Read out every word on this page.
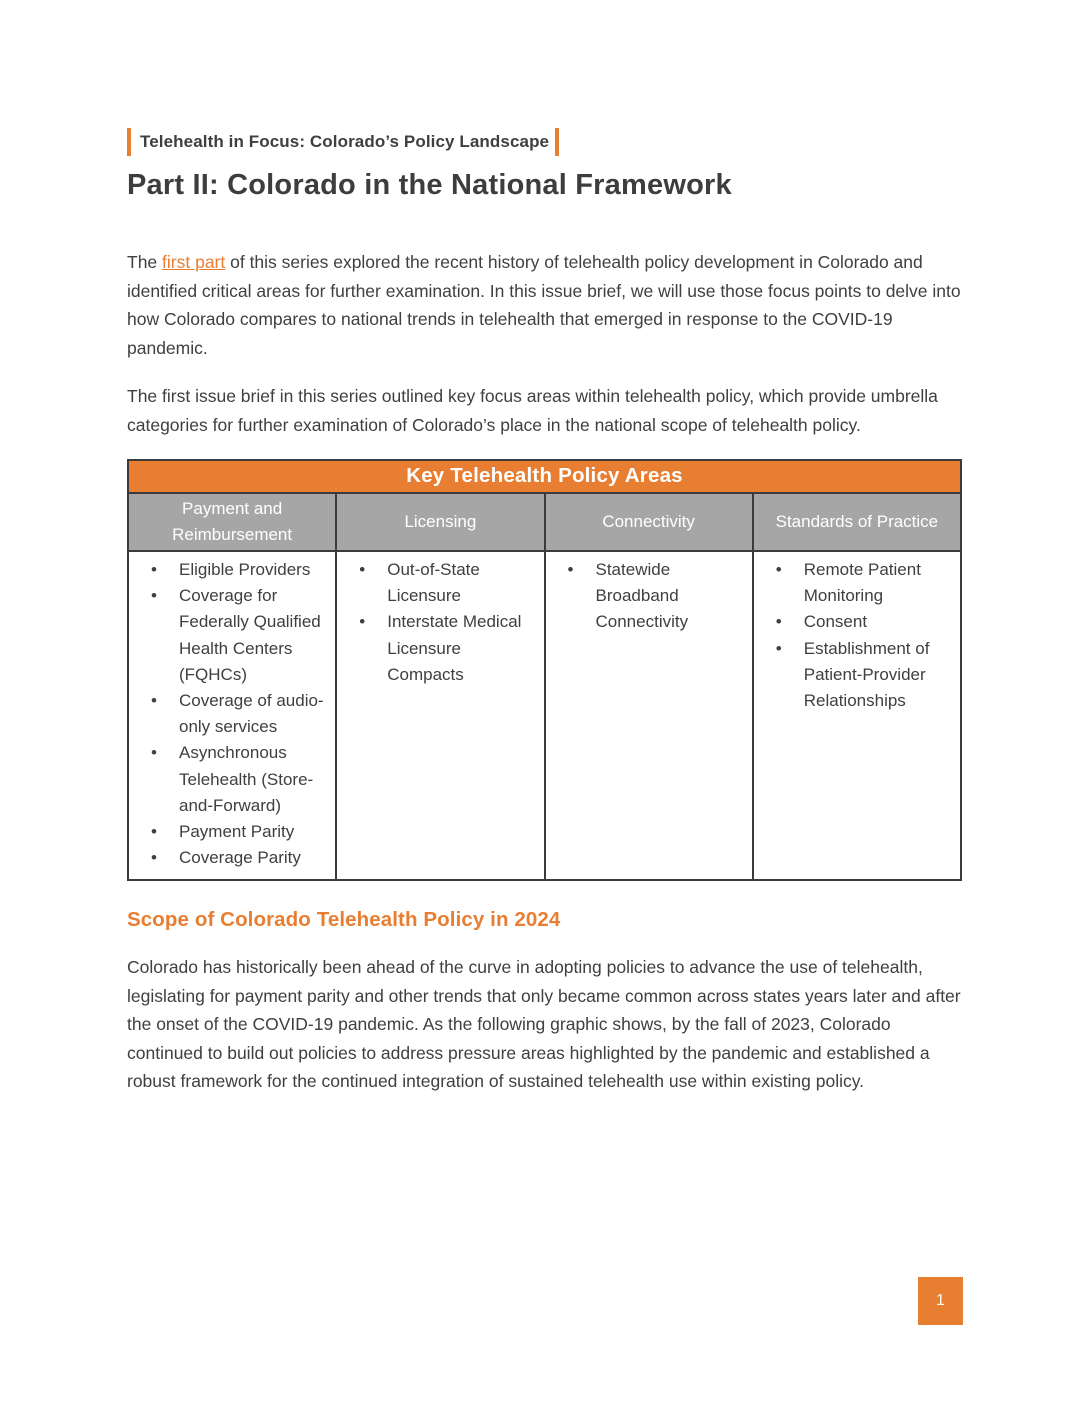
Telehealth in Focus: Colorado’s Policy Landscape
Part II: Colorado in the National Framework

The first part of this series explored the recent history of telehealth policy development in Colorado and identified critical areas for further examination. In this issue brief, we will use those focus points to delve into how Colorado compares to national trends in telehealth that emerged in response to the COVID-19 pandemic.

The first issue brief in this series outlined key focus areas within telehealth policy, which provide umbrella categories for further examination of Colorado’s place in the national scope of telehealth policy.

Key Telehealth Policy Areas			
Payment and Reimbursement	Licensing	Connectivity	Standards of Practice

• Eligible Providers
• Coverage for Federally Qualified Health Centers (FQHCs)
• Coverage of audio-only services
• Asynchronous Telehealth (Store-and-Forward)
• Payment Parity
• Coverage Parity

• Out-of-State Licensure
• Interstate Medical Licensure Compacts

• Statewide Broadband Connectivity

• Remote Patient Monitoring
• Consent
• Establishment of Patient-Provider Relationships
Scope of Colorado Telehealth Policy in 2024

Colorado has historically been ahead of the curve in adopting policies to advance the use of telehealth, legislating for payment parity and other trends that only became common across states years later and after the onset of the COVID-19 pandemic. As the following graphic shows, by the fall of 2023, Colorado continued to build out policies to address pressure areas highlighted by the pandemic and established a robust framework for the continued integration of sustained telehealth use within existing policy.

1
